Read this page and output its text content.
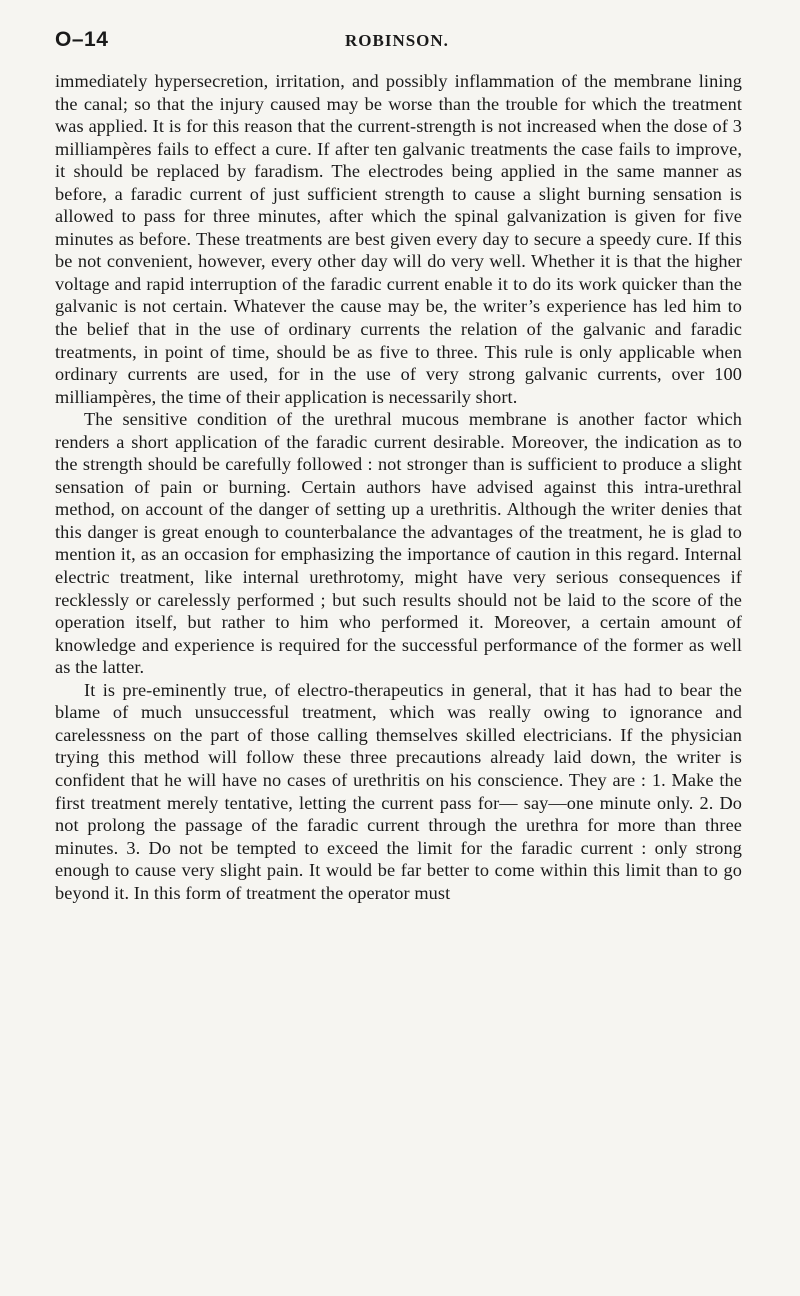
O–14	ROBINSON.

immediately hypersecretion, irritation, and possibly inflammation of the membrane lining the canal; so that the injury caused may be worse than the trouble for which the treatment was applied. It is for this reason that the current-strength is not increased when the dose of 3 milliampères fails to effect a cure. If after ten galvanic treatments the case fails to improve, it should be replaced by faradism. The electrodes being applied in the same manner as before, a faradic current of just sufficient strength to cause a slight burning sensation is allowed to pass for three minutes, after which the spinal galvanization is given for five minutes as before. These treatments are best given every day to secure a speedy cure. If this be not convenient, however, every other day will do very well. Whether it is that the higher voltage and rapid interruption of the faradic current enable it to do its work quicker than the galvanic is not certain. Whatever the cause may be, the writer’s experience has led him to the belief that in the use of ordinary currents the relation of the galvanic and faradic treatments, in point of time, should be as five to three. This rule is only applicable when ordinary currents are used, for in the use of very strong galvanic currents, over 100 milliampères, the time of their application is necessarily short.

The sensitive condition of the urethral mucous membrane is another factor which renders a short application of the faradic current desirable. Moreover, the indication as to the strength should be carefully followed : not stronger than is sufficient to produce a slight sensation of pain or burning. Certain authors have advised against this intra-urethral method, on account of the danger of setting up a urethritis. Although the writer denies that this danger is great enough to counterbalance the advantages of the treatment, he is glad to mention it, as an occasion for emphasizing the importance of caution in this regard. Internal electric treatment, like internal urethrotomy, might have very serious consequences if recklessly or carelessly performed ; but such results should not be laid to the score of the operation itself, but rather to him who performed it. Moreover, a certain amount of knowledge and experience is required for the successful performance of the former as well as the latter.

It is pre-eminently true, of electro-therapeutics in general, that it has had to bear the blame of much unsuccessful treatment, which was really owing to ignorance and carelessness on the part of those calling themselves skilled electricians. If the physician trying this method will follow these three precautions already laid down, the writer is confident that he will have no cases of urethritis on his conscience. They are : 1. Make the first treatment merely tentative, letting the current pass for— say—one minute only. 2. Do not prolong the passage of the faradic current through the urethra for more than three minutes. 3. Do not be tempted to exceed the limit for the faradic current : only strong enough to cause very slight pain. It would be far better to come within this limit than to go beyond it. In this form of treatment the operator must
